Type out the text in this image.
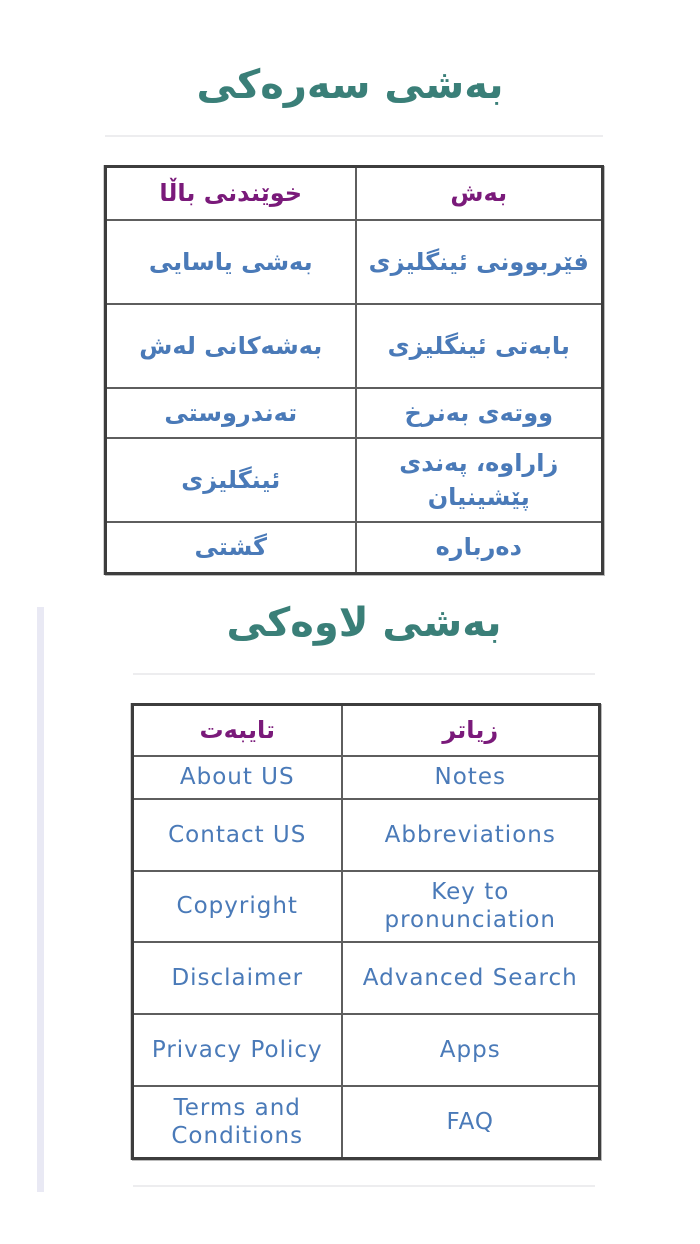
بەشی سەرەکی
خوێندنی باڵا	بەش
بەشی یاسایی	فێربوونی ئینگلیزی
بەشەکانی لەش	بابەتی ئینگلیزی
تەندروستی	ووتەی بەنرخ
ئینگلیزی	زاراوە، پەندی پێشینیان
گشتی	دەربارە
بەشی لاوەکی
تایبەت	زیاتر
About US	Notes
Contact US	Abbreviations
Copyright	Key to pronunciation
Disclaimer	Advanced Search
Privacy Policy	Apps
Terms and Conditions	FAQ
